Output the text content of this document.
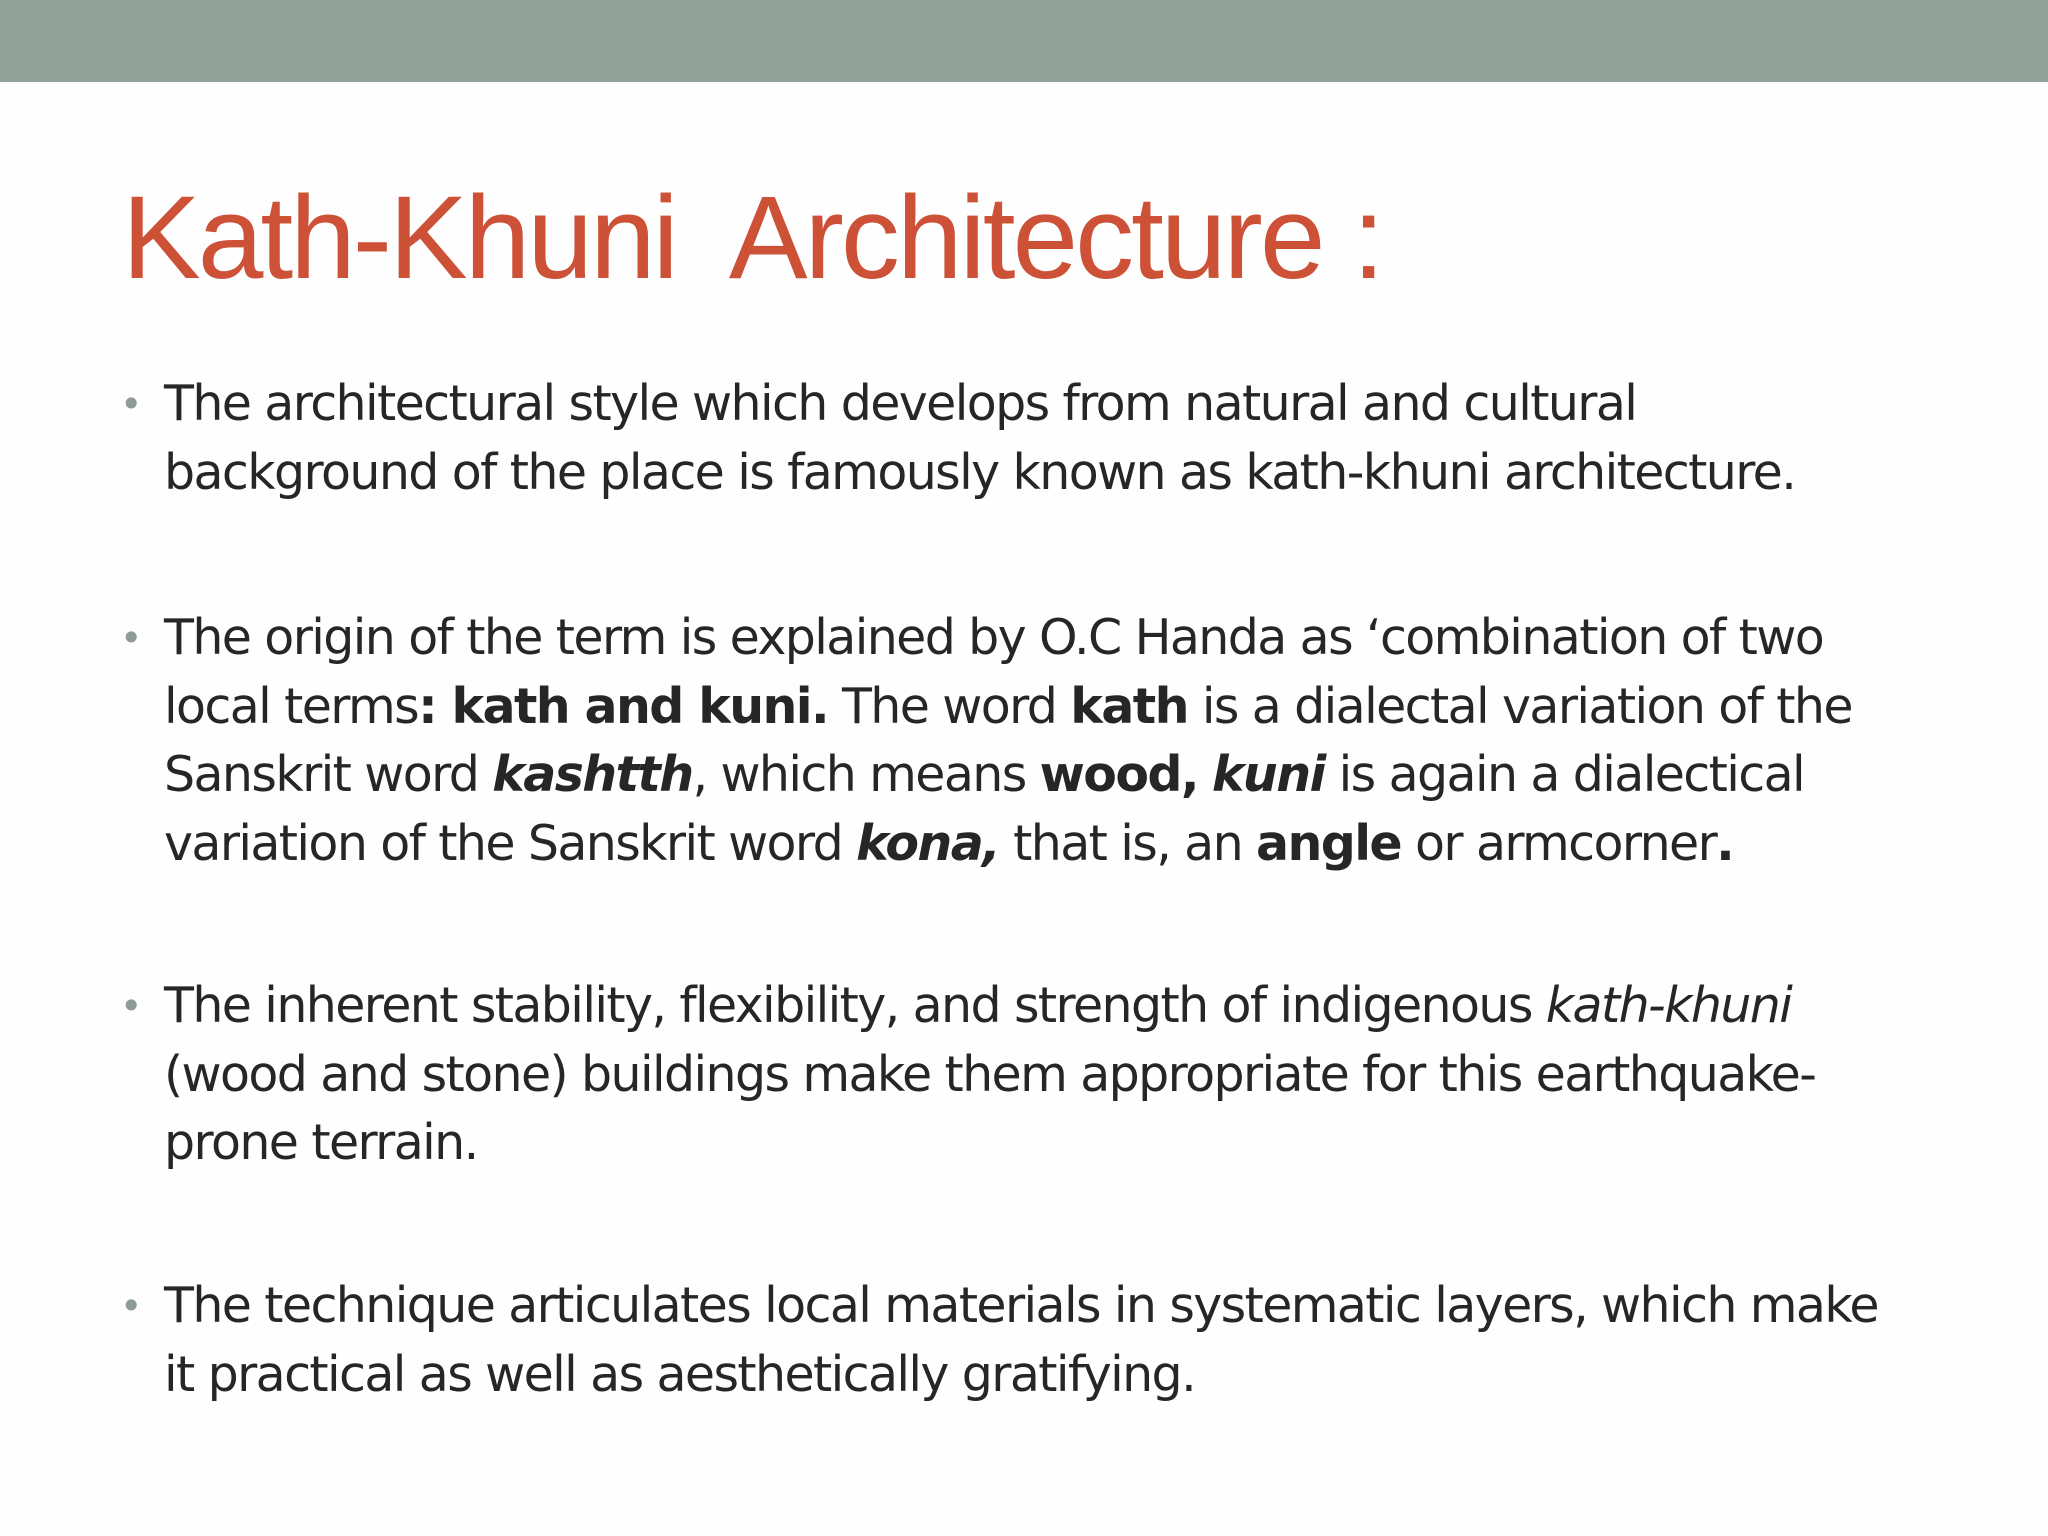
Kath-Khuni  Architecture :
• The architectural style which develops from natural and cultural
background of the place is famously known as kath-khuni architecture.
• The origin of the term is explained by O.C Handa as ‘combination of two
local terms: kath and kuni. The word kath is a dialectal variation of the
Sanskrit word kashtth, which means wood, kuni is again a dialectical
variation of the Sanskrit word kona, that is, an angle or armcorner.
• The inherent stability, flexibility, and strength of indigenous kath-khuni
(wood and stone) buildings make them appropriate for this earthquake-
prone terrain.
• The technique articulates local materials in systematic layers, which make
it practical as well as aesthetically gratifying.
